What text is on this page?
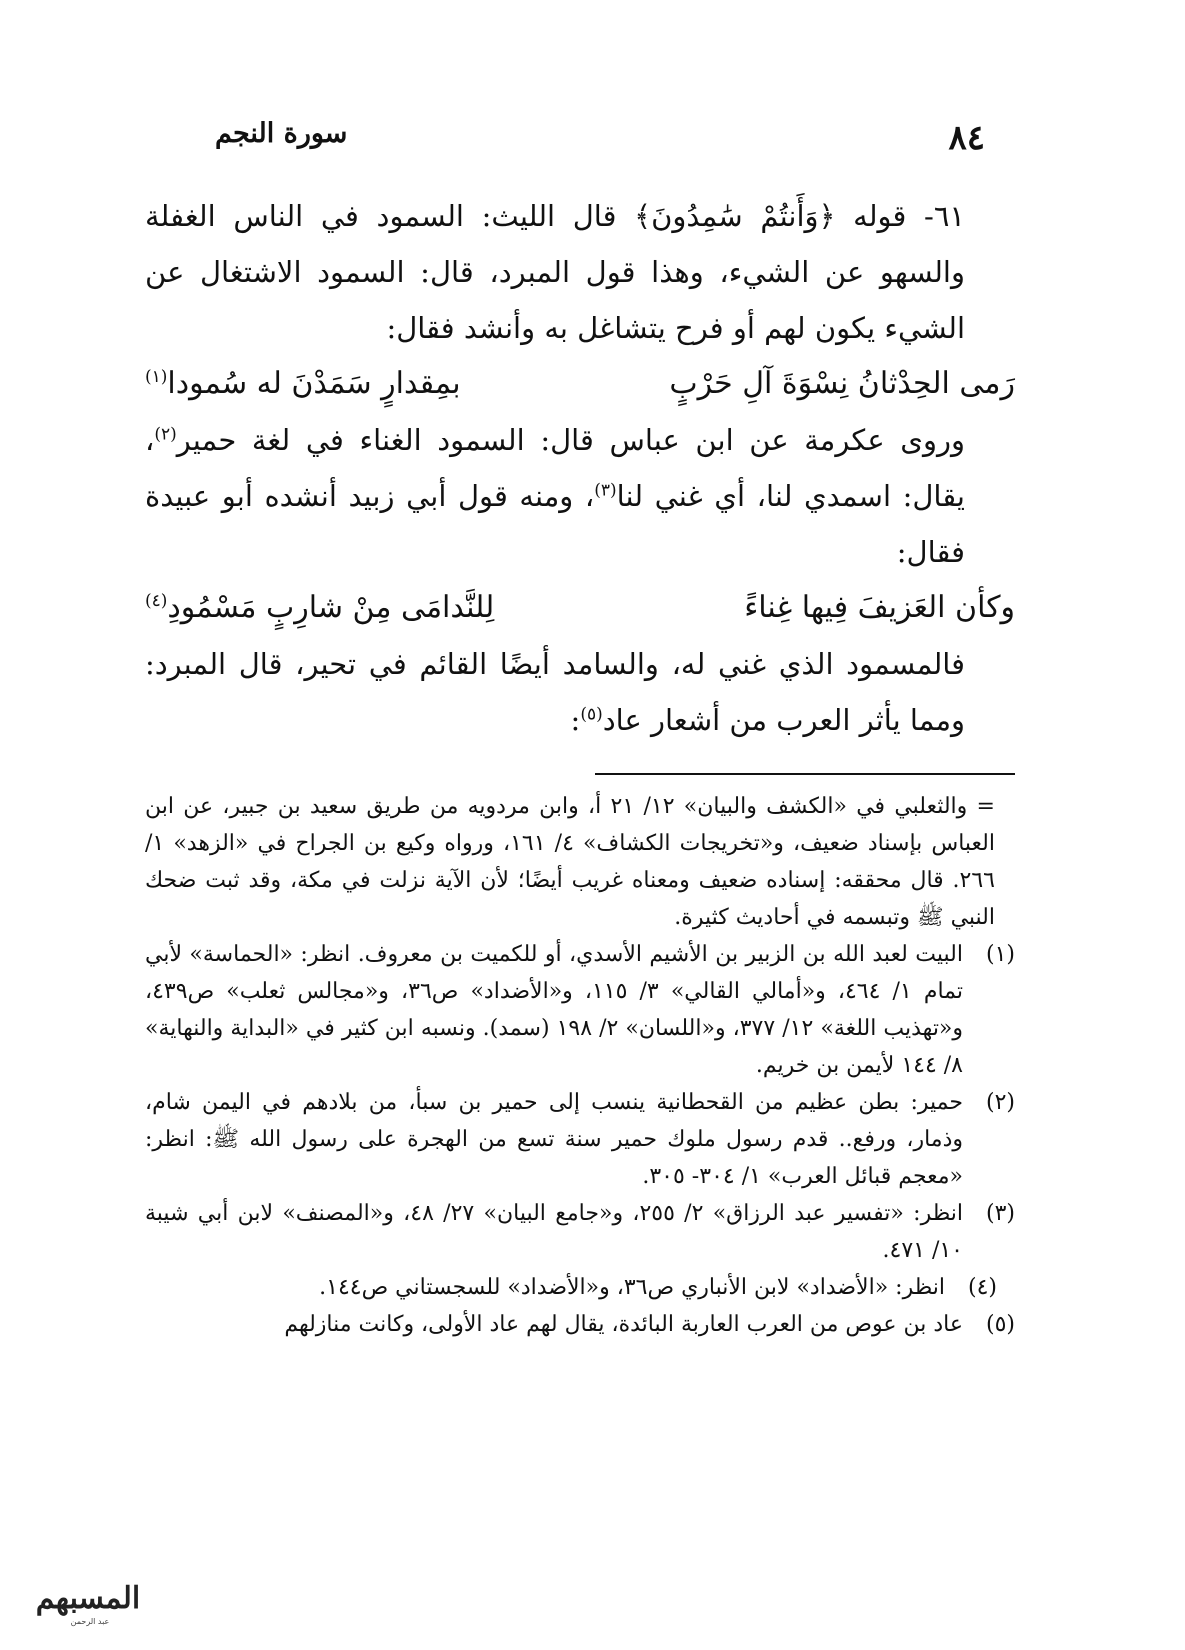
٨٤
سورة النجم

٦١- قوله ﴿وَأَنتُمْ سَٰمِدُونَ﴾ قال الليث: السمود في الناس الغفلة والسهو عن الشيء، وهذا قول المبرد، قال: السمود الاشتغال عن الشيء يكون لهم أو فرح يتشاغل به وأنشد فقال:

رَمى الحِدْثانُ نِسْوَةَ آلِ حَرْبٍ
بمِقدارٍ سَمَدْنَ له سُمودا$^{(١)}$

وروى عكرمة عن ابن عباس قال: السمود الغناء في لغة حمير$^{(٢)}$، يقال: اسمدي لنا، أي غني لنا$^{(٣)}$، ومنه قول أبي زبيد أنشده أبو عبيدة فقال:

وكأن العَزيفَ فِيها غِناءً
لِلنَّدامَى مِنْ شارِبٍ مَسْمُودِ$^{(٤)}$

فالمسمود الذي غني له، والسامد أيضًا القائم في تحير، قال المبرد: ومما يأثر العرب من أشعار عاد$^{(٥)}$:

= والثعلبي في «الكشف والبيان» ١٢/ ٢١ أ، وابن مردويه من طريق سعيد بن جبير، عن ابن العباس بإسناد ضعيف، و«تخريجات الكشاف» ٤/ ١٦١، ورواه وكيع بن الجراح في «الزهد» ١/ ٢٦٦. قال محققه: إسناده ضعيف ومعناه غريب أيضًا؛ لأن الآية نزلت في مكة، وقد ثبت ضحك النبي ﷺ وتبسمه في أحاديث كثيرة.

(١)
البيت لعبد الله بن الزبير بن الأشيم الأسدي، أو للكميت بن معروف. انظر: «الحماسة» لأبي تمام ١/ ٤٦٤، و«أمالي القالي» ٣/ ١١٥، و«الأضداد» ص٣٦، و«مجالس ثعلب» ص٤٣٩، و«تهذيب اللغة» ١٢/ ٣٧٧، و«اللسان» ٢/ ١٩٨ (سمد). ونسبه ابن كثير في «البداية والنهاية» ٨/ ١٤٤ لأيمن بن خريم.
(٢)
حمير: بطن عظيم من القحطانية ينسب إلى حمير بن سبأ، من بلادهم في اليمن شام، وذمار، ورفع.. قدم رسول ملوك حمير سنة تسع من الهجرة على رسول الله ﷺ: انظر: «معجم قبائل العرب» ١/ ٣٠٤- ٣٠٥.
(٣)
انظر: «تفسير عبد الرزاق» ٢/ ٢٥٥، و«جامع البيان» ٢٧/ ٤٨، و«المصنف» لابن أبي شيبة ١٠/ ٤٧١.
(٤)
انظر: «الأضداد» لابن الأنباري ص٣٦، و«الأضداد» للسجستاني ص١٤٤.
(٥)
عاد بن عوص من العرب العاربة البائدة، يقال لهم عاد الأولى، وكانت منازلهم
المسبهم
عبد الرحمن
